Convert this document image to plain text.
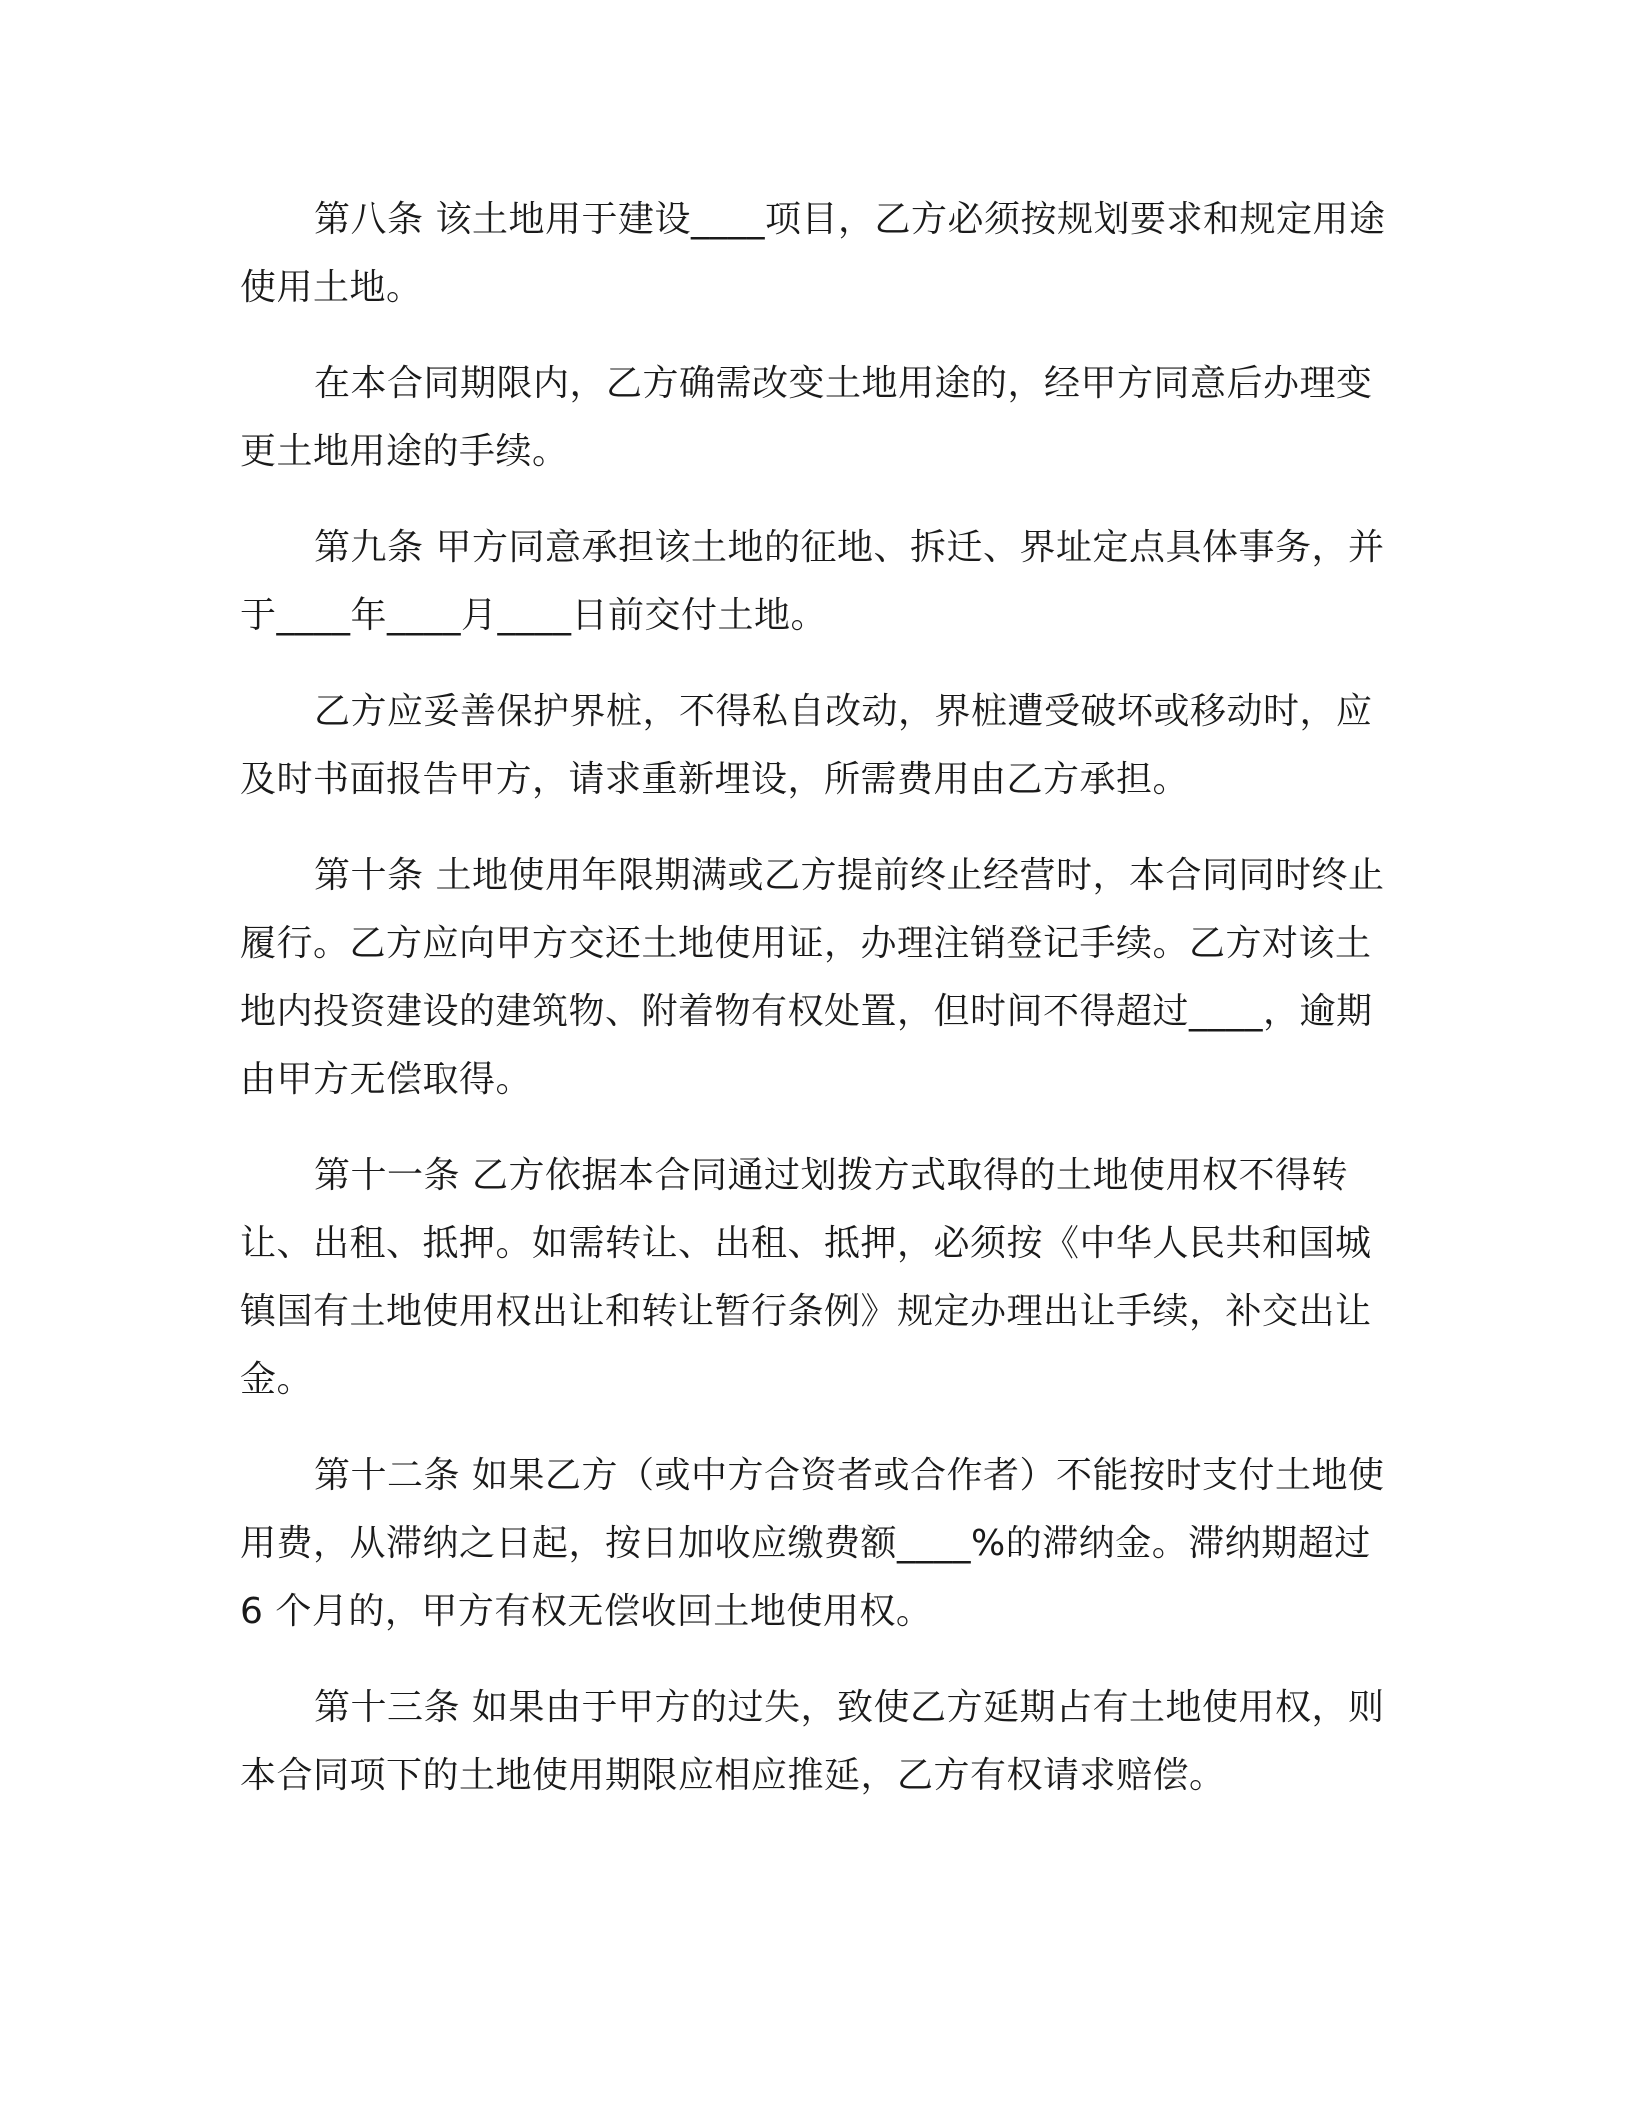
第八条 该土地用于建设____项目，乙方必须按规划要求和规定用途使用土地。

在本合同期限内，乙方确需改变土地用途的，经甲方同意后办理变更土地用途的手续。

第九条 甲方同意承担该土地的征地、拆迁、界址定点具体事务，并于____年____月____日前交付土地。

乙方应妥善保护界桩，不得私自改动，界桩遭受破坏或移动时，应及时书面报告甲方，请求重新埋设，所需费用由乙方承担。

第十条 土地使用年限期满或乙方提前终止经营时，本合同同时终止履行。乙方应向甲方交还土地使用证，办理注销登记手续。乙方对该土地内投资建设的建筑物、附着物有权处置，但时间不得超过____，逾期由甲方无偿取得。

第十一条 乙方依据本合同通过划拨方式取得的土地使用权不得转让、出租、抵押。如需转让、出租、抵押，必须按《中华人民共和国城镇国有土地使用权出让和转让暂行条例》规定办理出让手续，补交出让金。

第十二条 如果乙方（或中方合资者或合作者）不能按时支付土地使用费，从滞纳之日起，按日加收应缴费额____%的滞纳金。滞纳期超过 6 个月的，甲方有权无偿收回土地使用权。

第十三条 如果由于甲方的过失，致使乙方延期占有土地使用权，则本合同项下的土地使用期限应相应推延，乙方有权请求赔偿。
